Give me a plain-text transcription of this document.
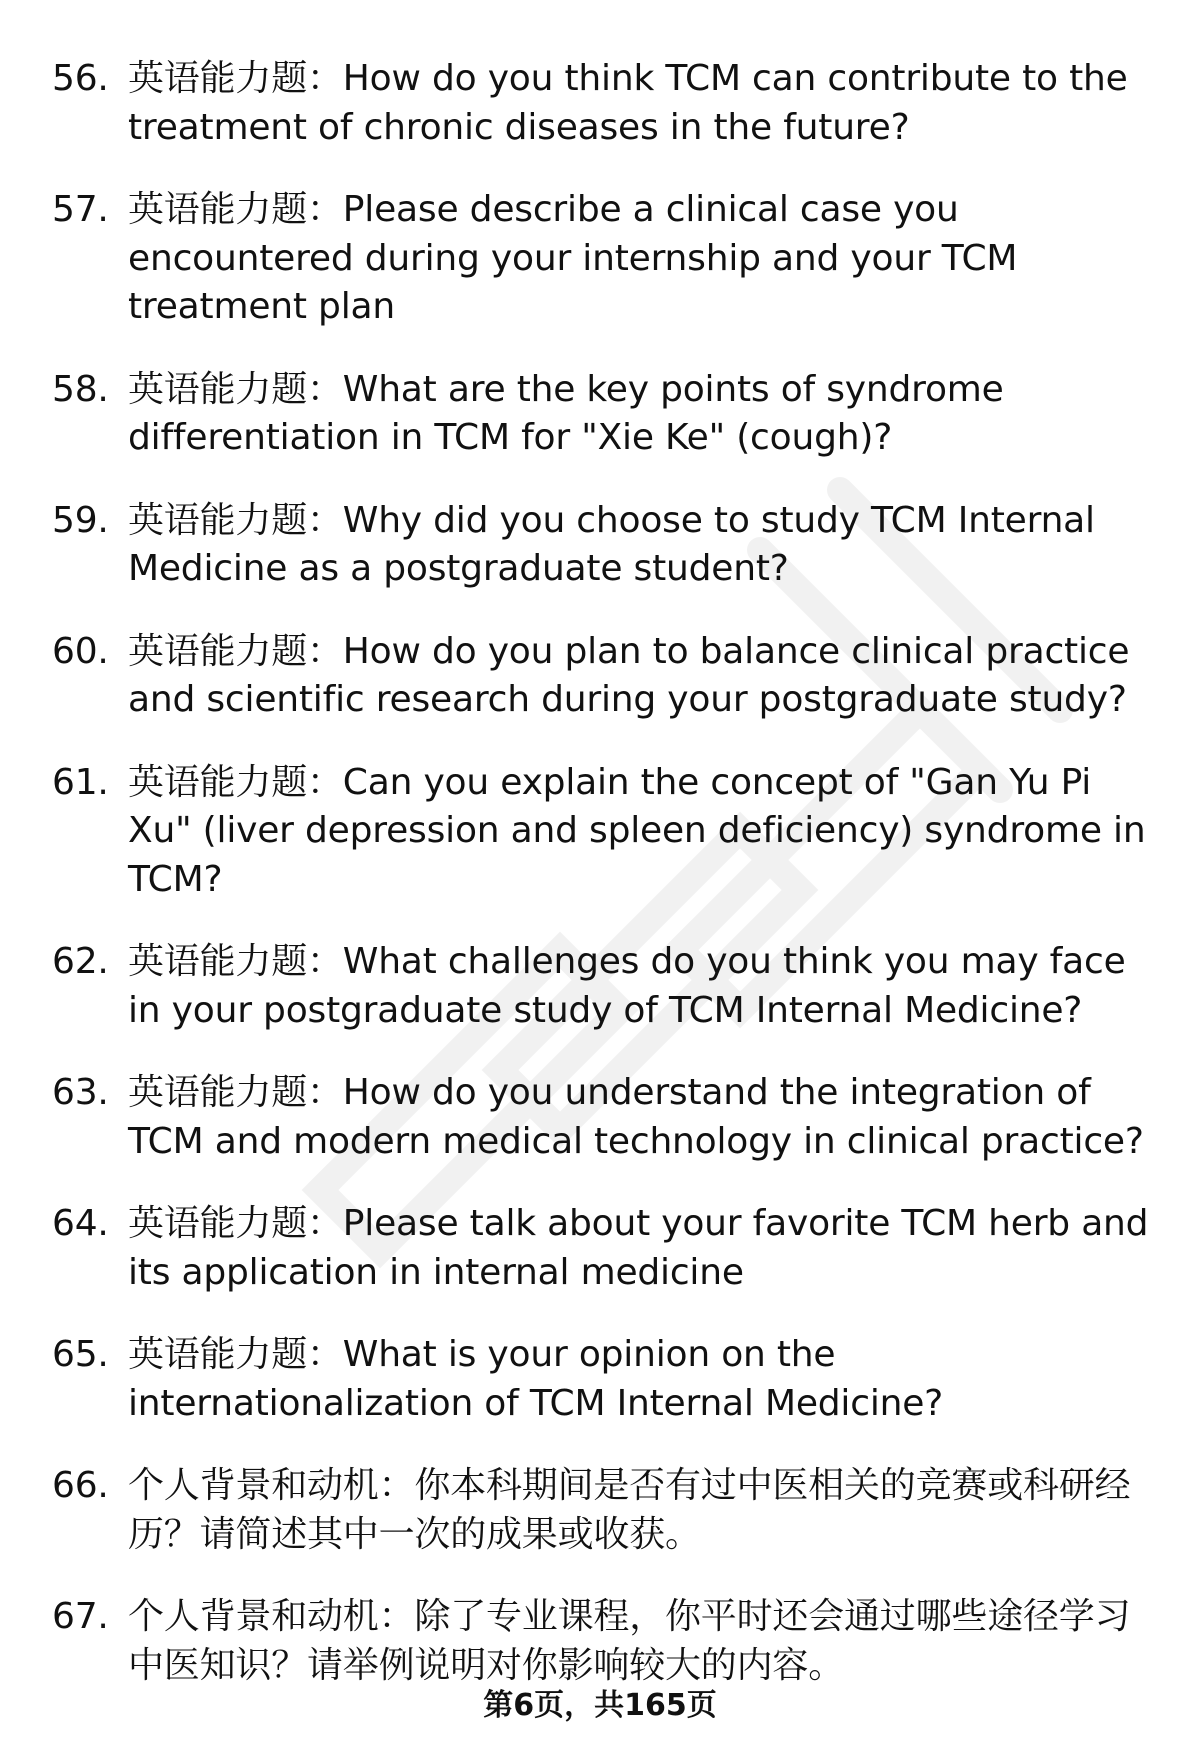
56. 英语能力题：How do you think TCM can contribute to the treatment of chronic diseases in the future?
57. 英语能力题：Please describe a clinical case you encountered during your internship and your TCM treatment plan
58. 英语能力题：What are the key points of syndrome differentiation in TCM for "Xie Ke" (cough)?
59. 英语能力题：Why did you choose to study TCM Internal Medicine as a postgraduate student?
60. 英语能力题：How do you plan to balance clinical practice and scientific research during your postgraduate study?
61. 英语能力题：Can you explain the concept of "Gan Yu Pi Xu" (liver depression and spleen deficiency) syndrome in TCM?
62. 英语能力题：What challenges do you think you may face in your postgraduate study of TCM Internal Medicine?
63. 英语能力题：How do you understand the integration of TCM and modern medical technology in clinical practice?
64. 英语能力题：Please talk about your favorite TCM herb and its application in internal medicine
65. 英语能力题：What is your opinion on the internationalization of TCM Internal Medicine?
66. 个人背景和动机：你本科期间是否有过中医相关的竞赛或科研经历？请简述其中一次的成果或收获。
67. 个人背景和动机：除了专业课程，你平时还会通过哪些途径学习中医知识？请举例说明对你影响较大的内容。
第6页，共165页
